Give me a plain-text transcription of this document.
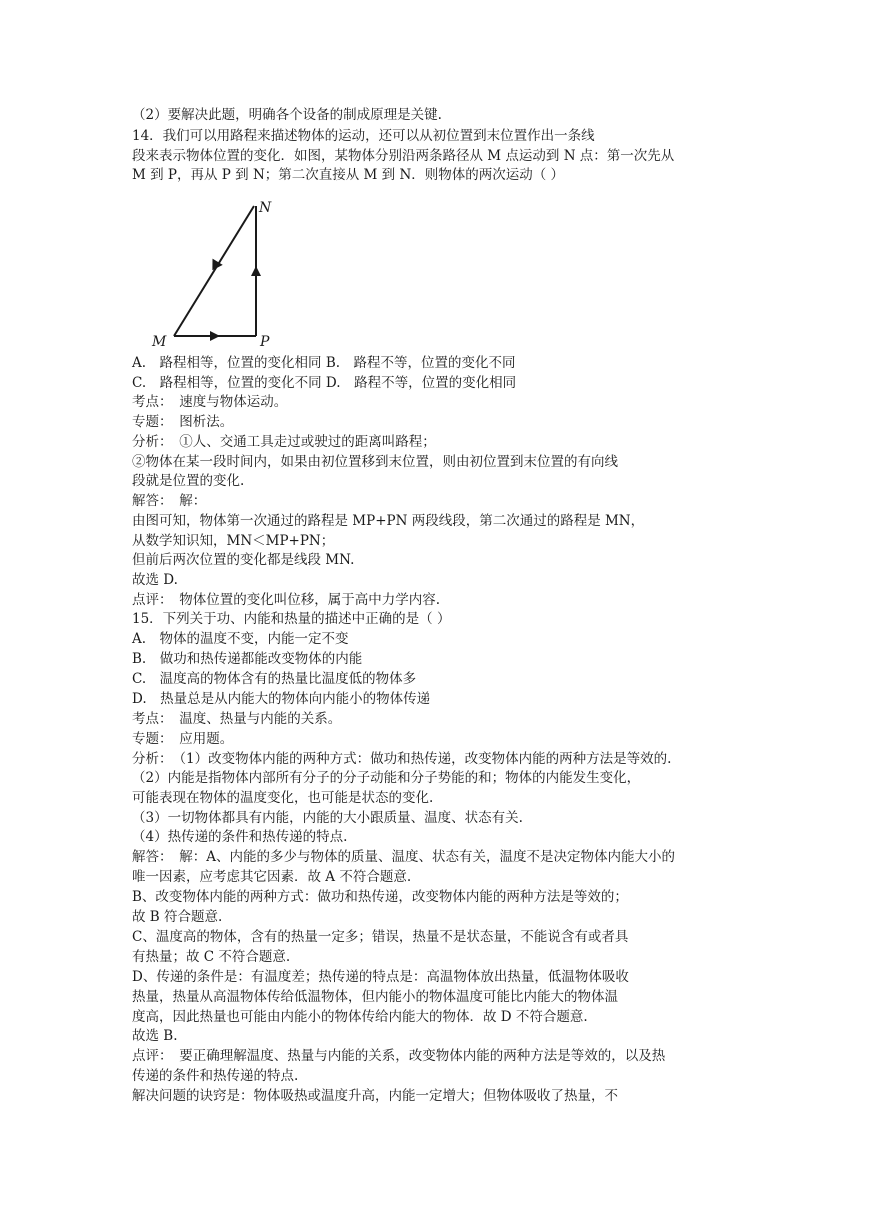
（2）要解决此题，明确各个设备的制成原理是关键.

14．我们可以用路程来描述物体的运动，还可以从初位置到末位置作出一条线

段来表示物体位置的变化．如图，某物体分别沿两条路径从 M 点运动到 N 点：第一次先从

M 到 P，再从 P 到 N；第二次直接从 M 到 N．则物体的两次运动（ ）

N
M	P

A.　路程相等，位置的变化相同 B.　路程不等，位置的变化不同

C.　路程相等，位置的变化不同 D.　路程不等，位置的变化相同

考点：　速度与物体运动。

专题：　图析法。

分析：　①人、交通工具走过或驶过的距离叫路程；

②物体在某一段时间内，如果由初位置移到末位置，则由初位置到末位置的有向线

段就是位置的变化.

解答：　解：

由图可知，物体第一次通过的路程是 MP+PN 两段线段，第二次通过的路程是 MN，

从数学知识知，MN＜MP+PN；

但前后两次位置的变化都是线段 MN.

故选 D.

点评：　物体位置的变化叫位移，属于高中力学内容.

15．下列关于功、内能和热量的描述中正确的是（ ）

A.　物体的温度不变，内能一定不变

B.　做功和热传递都能改变物体的内能

C.　温度高的物体含有的热量比温度低的物体多

D.　热量总是从内能大的物体向内能小的物体传递

考点：　温度、热量与内能的关系。

专题：　应用题。

分析：　（1）改变物体内能的两种方式：做功和热传递，改变物体内能的两种方法是等效的.

（2）内能是指物体内部所有分子的分子动能和分子势能的和；物体的内能发生变化，

可能表现在物体的温度变化，也可能是状态的变化.

（3）一切物体都具有内能，内能的大小跟质量、温度、状态有关.

（4）热传递的条件和热传递的特点.

解答：　解：A、内能的多少与物体的质量、温度、状态有关，温度不是决定物体内能大小的

唯一因素，应考虑其它因素．故 A 不符合题意.

B、改变物体内能的两种方式：做功和热传递，改变物体内能的两种方法是等效的；

故 B 符合题意.

C、温度高的物体，含有的热量一定多；错误，热量不是状态量，不能说含有或者具

有热量；故 C 不符合题意.

D、传递的条件是：有温度差；热传递的特点是：高温物体放出热量，低温物体吸收

热量，热量从高温物体传给低温物体，但内能小的物体温度可能比内能大的物体温

度高，因此热量也可能由内能小的物体传给内能大的物体．故 D 不符合题意.

故选 B.

点评：　要正确理解温度、热量与内能的关系，改变物体内能的两种方法是等效的，以及热

传递的条件和热传递的特点.

解决问题的诀窍是：物体吸热或温度升高，内能一定增大；但物体吸收了热量，不
